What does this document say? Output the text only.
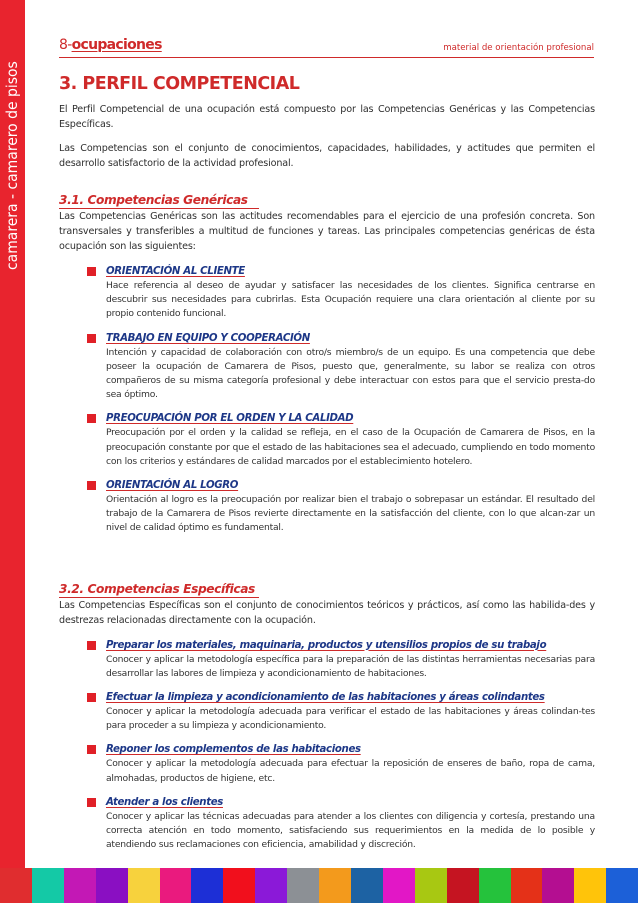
camarera - camarero de pisos
8-ocupaciones	material de orientación profesional
3. PERFIL COMPETENCIAL

El Perfil Competencial de una ocupación está compuesto por las Competencias Genéricas y las Competencias Específicas.

Las Competencias son el conjunto de conocimientos, capacidades, habilidades, y actitudes que permiten el desarrollo satisfactorio de la actividad profesional.

3.1. Competencias Genéricas

Las Competencias Genéricas son las actitudes recomendables para el ejercicio de una profesión concreta. Son transversales y transferibles a multitud de funciones y tareas. Las principales competencias genéricas de ésta ocupación son las siguientes:

ORIENTACIÓN AL CLIENTE
Hace referencia al deseo de ayudar y satisfacer las necesidades de los clientes. Significa centrarse en descubrir sus necesidades para cubrirlas. Esta Ocupación requiere una clara orientación al cliente por su propio contenido funcional.
TRABAJO EN EQUIPO Y COOPERACIÓN
Intención y capacidad de colaboración con otro/s miembro/s de un equipo. Es una competencia que debe poseer la ocupación de Camarera de Pisos, puesto que, generalmente, su labor se realiza con otros compañeros de su misma categoría profesional y debe interactuar con estos para que el servicio presta-do sea óptimo.
PREOCUPACIÓN POR EL ORDEN Y LA CALIDAD
Preocupación por el orden y la calidad se refleja, en el caso de la Ocupación de Camarera de Pisos, en la preocupación constante por que el estado de las habitaciones sea el adecuado, cumpliendo en todo momento con los criterios y estándares de calidad marcados por el establecimiento hotelero.
ORIENTACIÓN AL LOGRO
Orientación al logro es la preocupación por realizar bien el trabajo o sobrepasar un estándar. El resultado del trabajo de la Camarera de Pisos revierte directamente en la satisfacción del cliente, con lo que alcan-zar un nivel de calidad óptimo es fundamental.
3.2. Competencias Específicas

Las Competencias Específicas son el conjunto de conocimientos teóricos y prácticos, así como las habilida-des y destrezas relacionadas directamente con la ocupación.

Preparar los materiales, maquinaria, productos y utensilios propios de su trabajo
Conocer y aplicar la metodología específica para la preparación de las distintas herramientas necesarias para desarrollar las labores de limpieza y acondicionamiento de habitaciones.
Efectuar la limpieza y acondicionamiento de las habitaciones y áreas colindantes
Conocer y aplicar la metodología adecuada para verificar el estado de las habitaciones y áreas colindan-tes para proceder a su limpieza y acondicionamiento.
Reponer los complementos de las habitaciones
Conocer y aplicar la metodología adecuada para efectuar la reposición de enseres de baño, ropa de cama, almohadas, productos de higiene, etc.
Atender a los clientes
Conocer y aplicar las técnicas adecuadas para atender a los clientes con diligencia y cortesía, prestando una correcta atención en todo momento, satisfaciendo sus requerimientos en la medida de lo posible y atendiendo sus reclamaciones con eficiencia, amabilidad y discreción.
